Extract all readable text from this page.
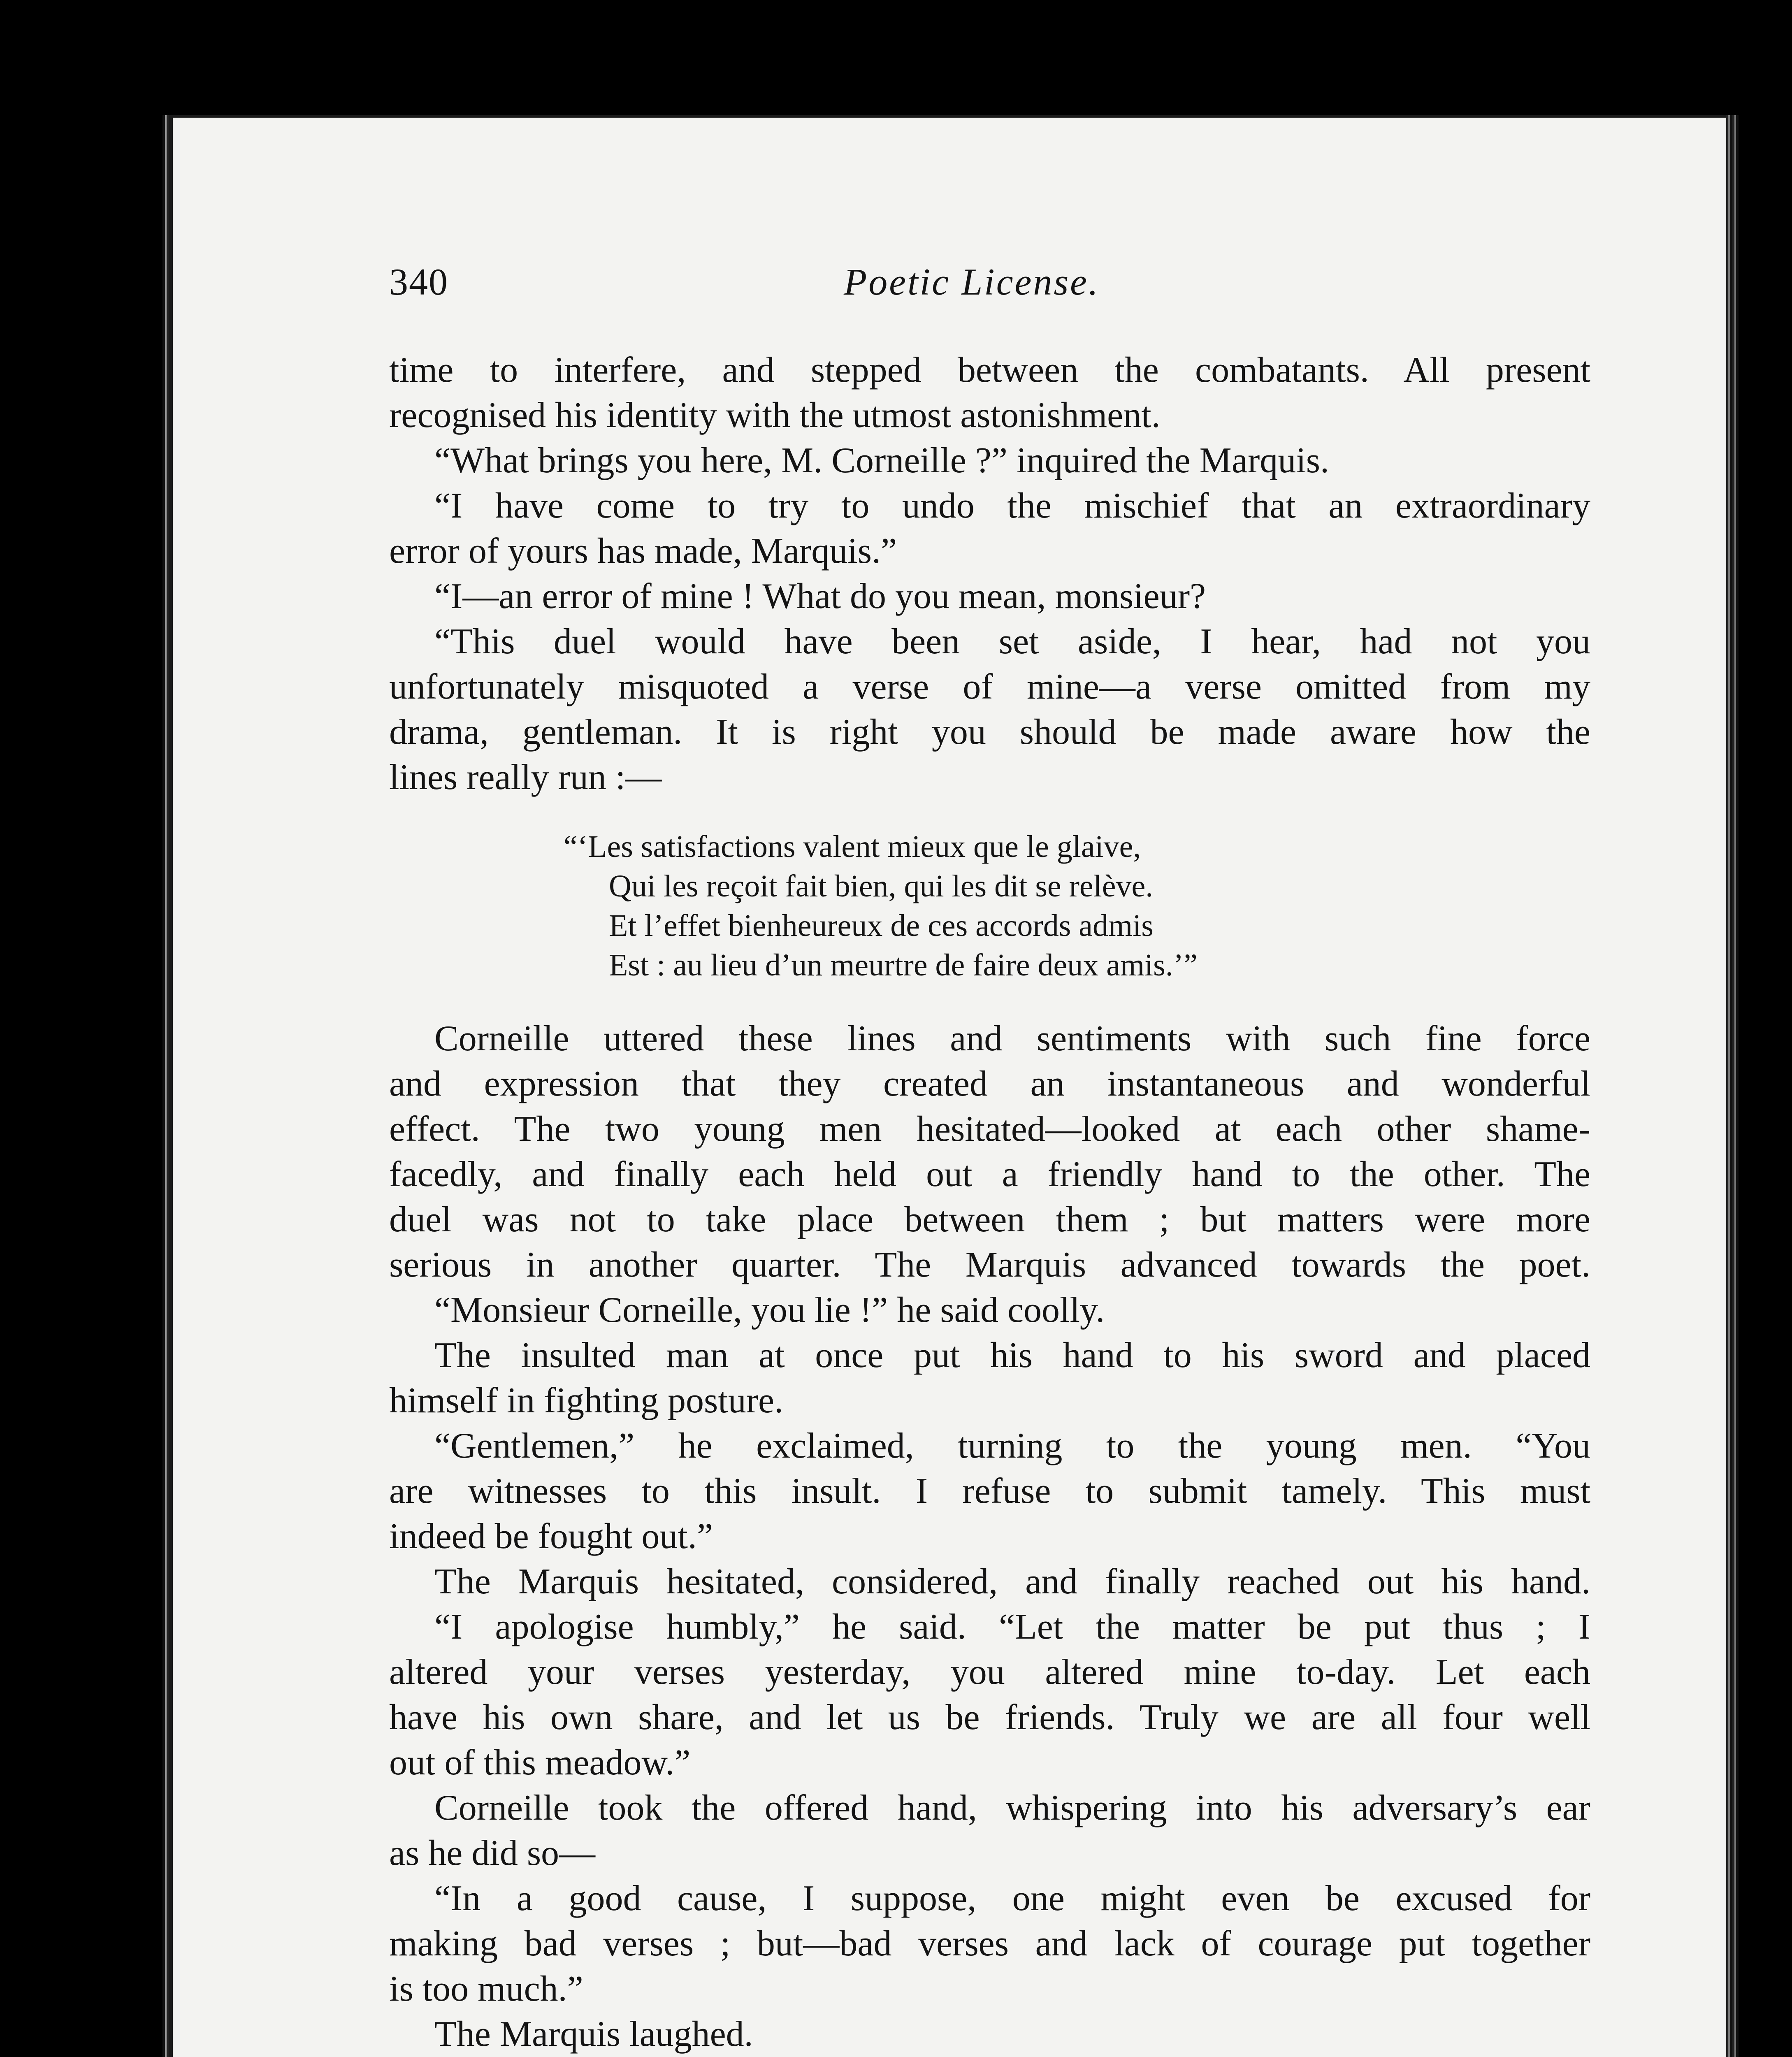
340	Poetic License.
time to interfere, and stepped between the combatants. All present
recognised his identity with the utmost astonishment.
“What brings you here, M. Corneille ?” inquired the Marquis.
“I have come to try to undo the mischief that an extraordinary
error of yours has made, Marquis.”
“I—an error of mine ! What do you mean, monsieur?
“This duel would have been set aside, I hear, had not you
unfortunately misquoted a verse of mine—a verse omitted from my
drama, gentleman. It is right you should be made aware how the
lines really run :—
“‘Les satisfactions valent mieux que le glaive,
Qui les reçoit fait bien, qui les dit se relève.
Et l’effet bienheureux de ces accords admis
Est : au lieu d’un meurtre de faire deux amis.’”
Corneille uttered these lines and sentiments with such fine force
and expression that they created an instantaneous and wonderful
effect. The two young men hesitated—looked at each other shame-
facedly, and finally each held out a friendly hand to the other. The
duel was not to take place between them ; but matters were more
serious in another quarter. The Marquis advanced towards the poet.
“Monsieur Corneille, you lie !” he said coolly.
The insulted man at once put his hand to his sword and placed
himself in fighting posture.
“Gentlemen,” he exclaimed, turning to the young men. “You
are witnesses to this insult. I refuse to submit tamely. This must
indeed be fought out.”
The Marquis hesitated, considered, and finally reached out his hand.
“I apologise humbly,” he said. “Let the matter be put thus ; I
altered your verses yesterday, you altered mine to-day. Let each
have his own share, and let us be friends. Truly we are all four well
out of this meadow.”
Corneille took the offered hand, whispering into his adversary’s ear
as he did so—
“In a good cause, I suppose, one might even be excused for
making bad verses ; but—bad verses and lack of courage put together
is too much.”
The Marquis laughed.
